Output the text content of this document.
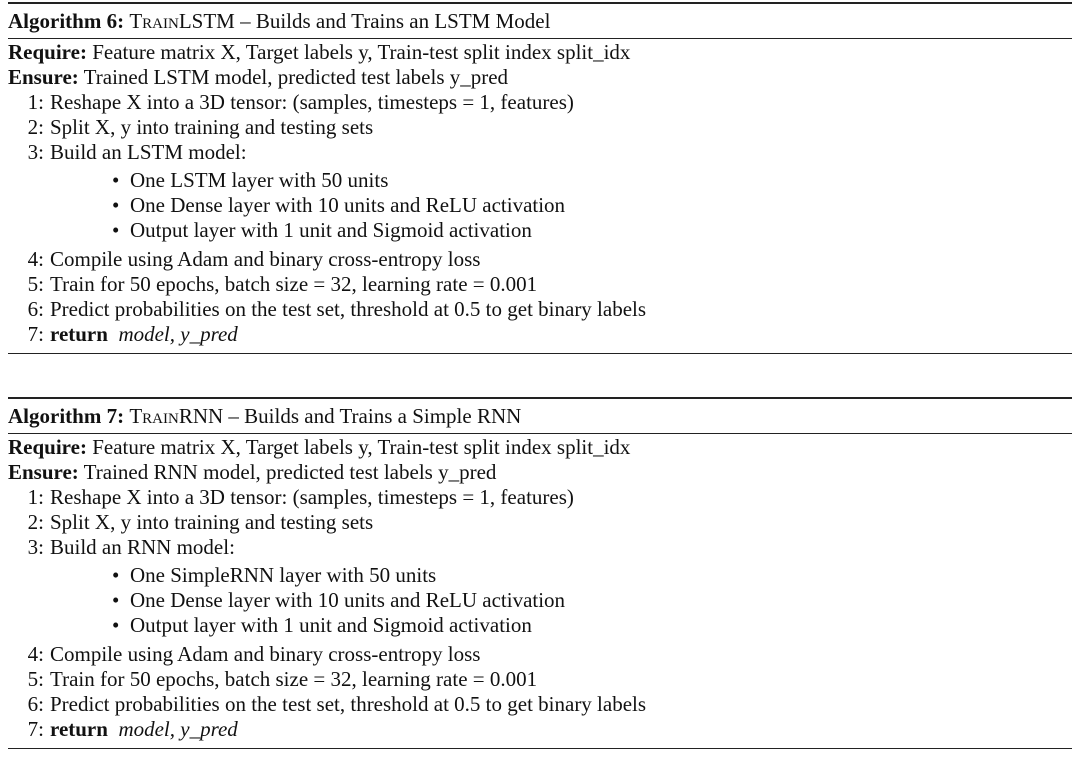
Algorithm 6: TrainLSTM – Builds and Trains an LSTM Model
Require: Feature matrix X, Target labels y, Train-test split index split_idx
Ensure: Trained LSTM model, predicted test labels y_pred
1: Reshape X into a 3D tensor: (samples, timesteps = 1, features)
2: Split X, y into training and testing sets
3: Build an LSTM model:
• One LSTM layer with 50 units
• One Dense layer with 10 units and ReLU activation
• Output layer with 1 unit and Sigmoid activation
4: Compile using Adam and binary cross-entropy loss
5: Train for 50 epochs, batch size = 32, learning rate = 0.001
6: Predict probabilities on the test set, threshold at 0.5 to get binary labels
7: return model, y_pred
Algorithm 7: TrainRNN – Builds and Trains a Simple RNN
Require: Feature matrix X, Target labels y, Train-test split index split_idx
Ensure: Trained RNN model, predicted test labels y_pred
1: Reshape X into a 3D tensor: (samples, timesteps = 1, features)
2: Split X, y into training and testing sets
3: Build an RNN model:
• One SimpleRNN layer with 50 units
• One Dense layer with 10 units and ReLU activation
• Output layer with 1 unit and Sigmoid activation
4: Compile using Adam and binary cross-entropy loss
5: Train for 50 epochs, batch size = 32, learning rate = 0.001
6: Predict probabilities on the test set, threshold at 0.5 to get binary labels
7: return model, y_pred
